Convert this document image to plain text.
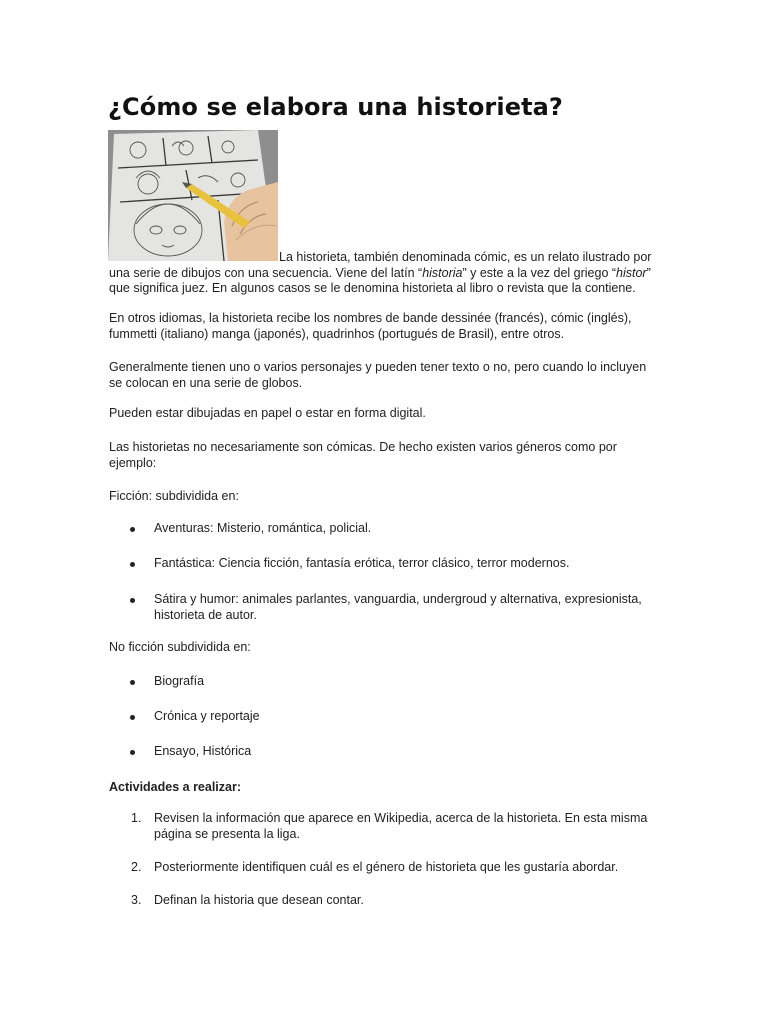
¿Cómo se elabora una historieta?

La historieta, también denominada cómic, es un relato ilustrado por
una serie de dibujos con una secuencia. Viene del latín “historia” y este a la vez del griego “histor”
que significa juez. En algunos casos se le denomina historieta al libro o revista que la contiene.

En otros idiomas, la historieta recibe los nombres de bande dessinée (francés), cómic (inglés), fummetti (italiano) manga (japonés), quadrinhos (portugués de Brasil), entre otros.

Generalmente tienen uno o varios personajes y pueden tener texto o no, pero cuando lo incluyen se colocan en una serie de globos.

Pueden estar dibujadas en papel o estar en forma digital.

Las historietas no necesariamente son cómicas. De hecho existen varios géneros como por ejemplo:

Ficción: subdividida en:

Aventuras: Misterio, romántica, policial.

Fantástica: Ciencia ficción, fantasía erótica, terror clásico, terror modernos.

Sátira y humor: animales parlantes, vanguardia, undergroud y alternativa, expresionista, historieta de autor.

No ficción subdividida en:

Biografía

Crónica y reportaje

Ensayo, Histórica

Actividades a realizar:

1.	Revisen la información que aparece en Wikipedia, acerca de la historieta. En esta misma página se presenta la liga.

2.	Posteriormente identifiquen cuál es el género de historieta que les gustaría abordar.

3.	Definan la historia que desean contar.
